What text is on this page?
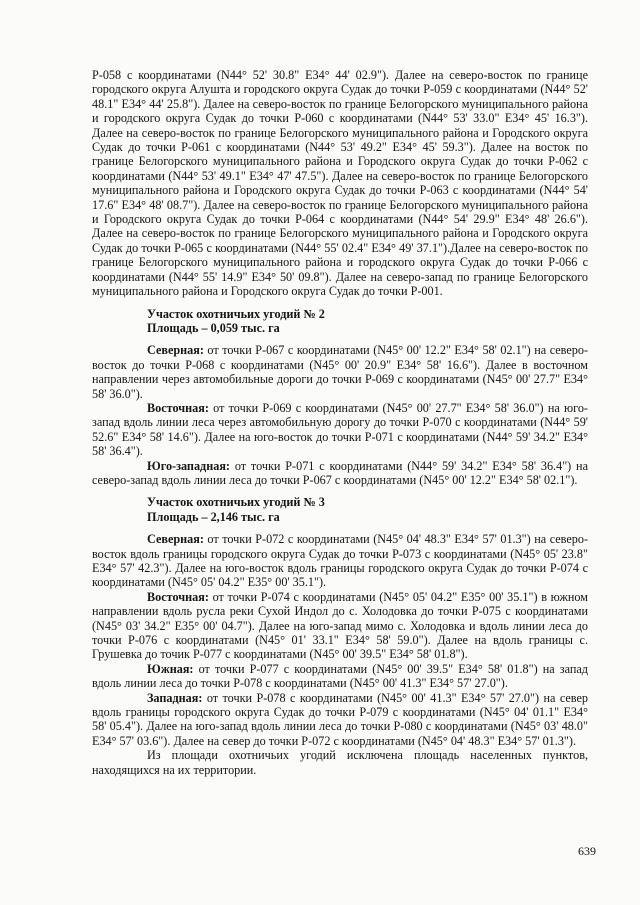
Р-058 с координатами (N44° 52' 30.8" Е34° 44' 02.9"). Далее на северо-восток по границе городского округа Алушта и городского округа Судак до точки Р-059 с координатами (N44° 52' 48.1" Е34° 44' 25.8"). Далее на северо-восток по границе Белогорского муниципального района и городского округа Судак до точки Р-060 с координатами (N44° 53' 33.0" Е34° 45' 16.3"). Далее на северо-восток по границе Белогорского муниципального района и Городского округа Судак до точки Р-061 с координатами (N44° 53' 49.2" Е34° 45' 59.3"). Далее на восток по границе Белогорского муниципального района и Городского округа Судак до точки Р-062 с координатами (N44° 53' 49.1" Е34° 47' 47.5"). Далее на северо-восток по границе Белогорского муниципального района и Городского округа Судак до точки Р-063 с координатами (N44° 54' 17.6" Е34° 48' 08.7"). Далее на северо-восток по границе Белогорского муниципального района и Городского округа Судак до точки Р-064 с координатами (N44° 54' 29.9" Е34° 48' 26.6"). Далее на северо-восток по границе Белогорского муниципального района и Городского округа Судак до точки Р-065 с координатами (N44° 55' 02.4" Е34° 49' 37.1").Далее на северо-восток по границе Белогорского муниципального района и городского округа Судак до точки Р-066 с координатами (N44° 55' 14.9" Е34° 50' 09.8"). Далее на северо-запад по границе Белогорского муниципального района и Городского округа Судак до точки Р-001.

Участок охотничьих угодий № 2

Площадь – 0,059 тыс. га

Северная: от точки Р-067 с координатами (N45° 00' 12.2" Е34° 58' 02.1") на северо-восток до точки Р-068 с координатами (N45° 00' 20.9" Е34° 58' 16.6"). Далее в восточном направлении через автомобильные дороги до точки Р-069 с координатами (N45° 00' 27.7" Е34° 58' 36.0").

Восточная: от точки Р-069 с координатами (N45° 00' 27.7" Е34° 58' 36.0") на юго-запад вдоль линии леса через автомобильную дорогу до точки Р-070 с координатами (N44° 59' 52.6" Е34° 58' 14.6"). Далее на юго-восток до точки Р-071 с координатами (N44° 59' 34.2" Е34° 58' 36.4").

Юго-западная: от точки Р-071 с координатами (N44° 59' 34.2" Е34° 58' 36.4") на северо-запад вдоль линии леса до точки Р-067 с координатами (N45° 00' 12.2" Е34° 58' 02.1").

Участок охотничьих угодий № 3

Площадь – 2,146 тыс. га

Северная: от точки Р-072 с координатами (N45° 04' 48.3" Е34° 57' 01.3") на северо-восток вдоль границы городского округа Судак до точки Р-073 с координатами (N45° 05' 23.8" Е34° 57' 42.3"). Далее на юго-восток вдоль границы городского округа Судак до точки Р-074 с координатами (N45° 05' 04.2" Е35° 00' 35.1").

Восточная: от точки Р-074 с координатами (N45° 05' 04.2" Е35° 00' 35.1") в южном направлении вдоль русла реки Сухой Индол до с. Холодовка до точки Р-075 с координатами (N45° 03' 34.2" Е35° 00' 04.7"). Далее на юго-запад мимо с. Холодовка и вдоль линии леса до точки Р-076 с координатами (N45° 01' 33.1" Е34° 58' 59.0"). Далее на вдоль границы с. Грушевка до точик Р-077 с координатами (N45° 00' 39.5" Е34° 58' 01.8").

Южная: от точки Р-077 с координатами (N45° 00' 39.5" Е34° 58' 01.8") на запад вдоль линии леса до точки Р-078 с координатами (N45° 00' 41.3" Е34° 57' 27.0").

Западная: от точки Р-078 с координатами (N45° 00' 41.3" Е34° 57' 27.0") на север вдоль границы городского округа Судак до точки Р-079 с координатами (N45° 04' 01.1" Е34° 58' 05.4"). Далее на юго-запад вдоль линии леса до точки Р-080 с координатами (N45° 03' 48.0" Е34° 57' 03.6"). Далее на север до точки Р-072 с координатами (N45° 04' 48.3" Е34° 57' 01.3").

Из площади охотничьих угодий исключена площадь населенных пунктов, находящихся на их территории.

639
